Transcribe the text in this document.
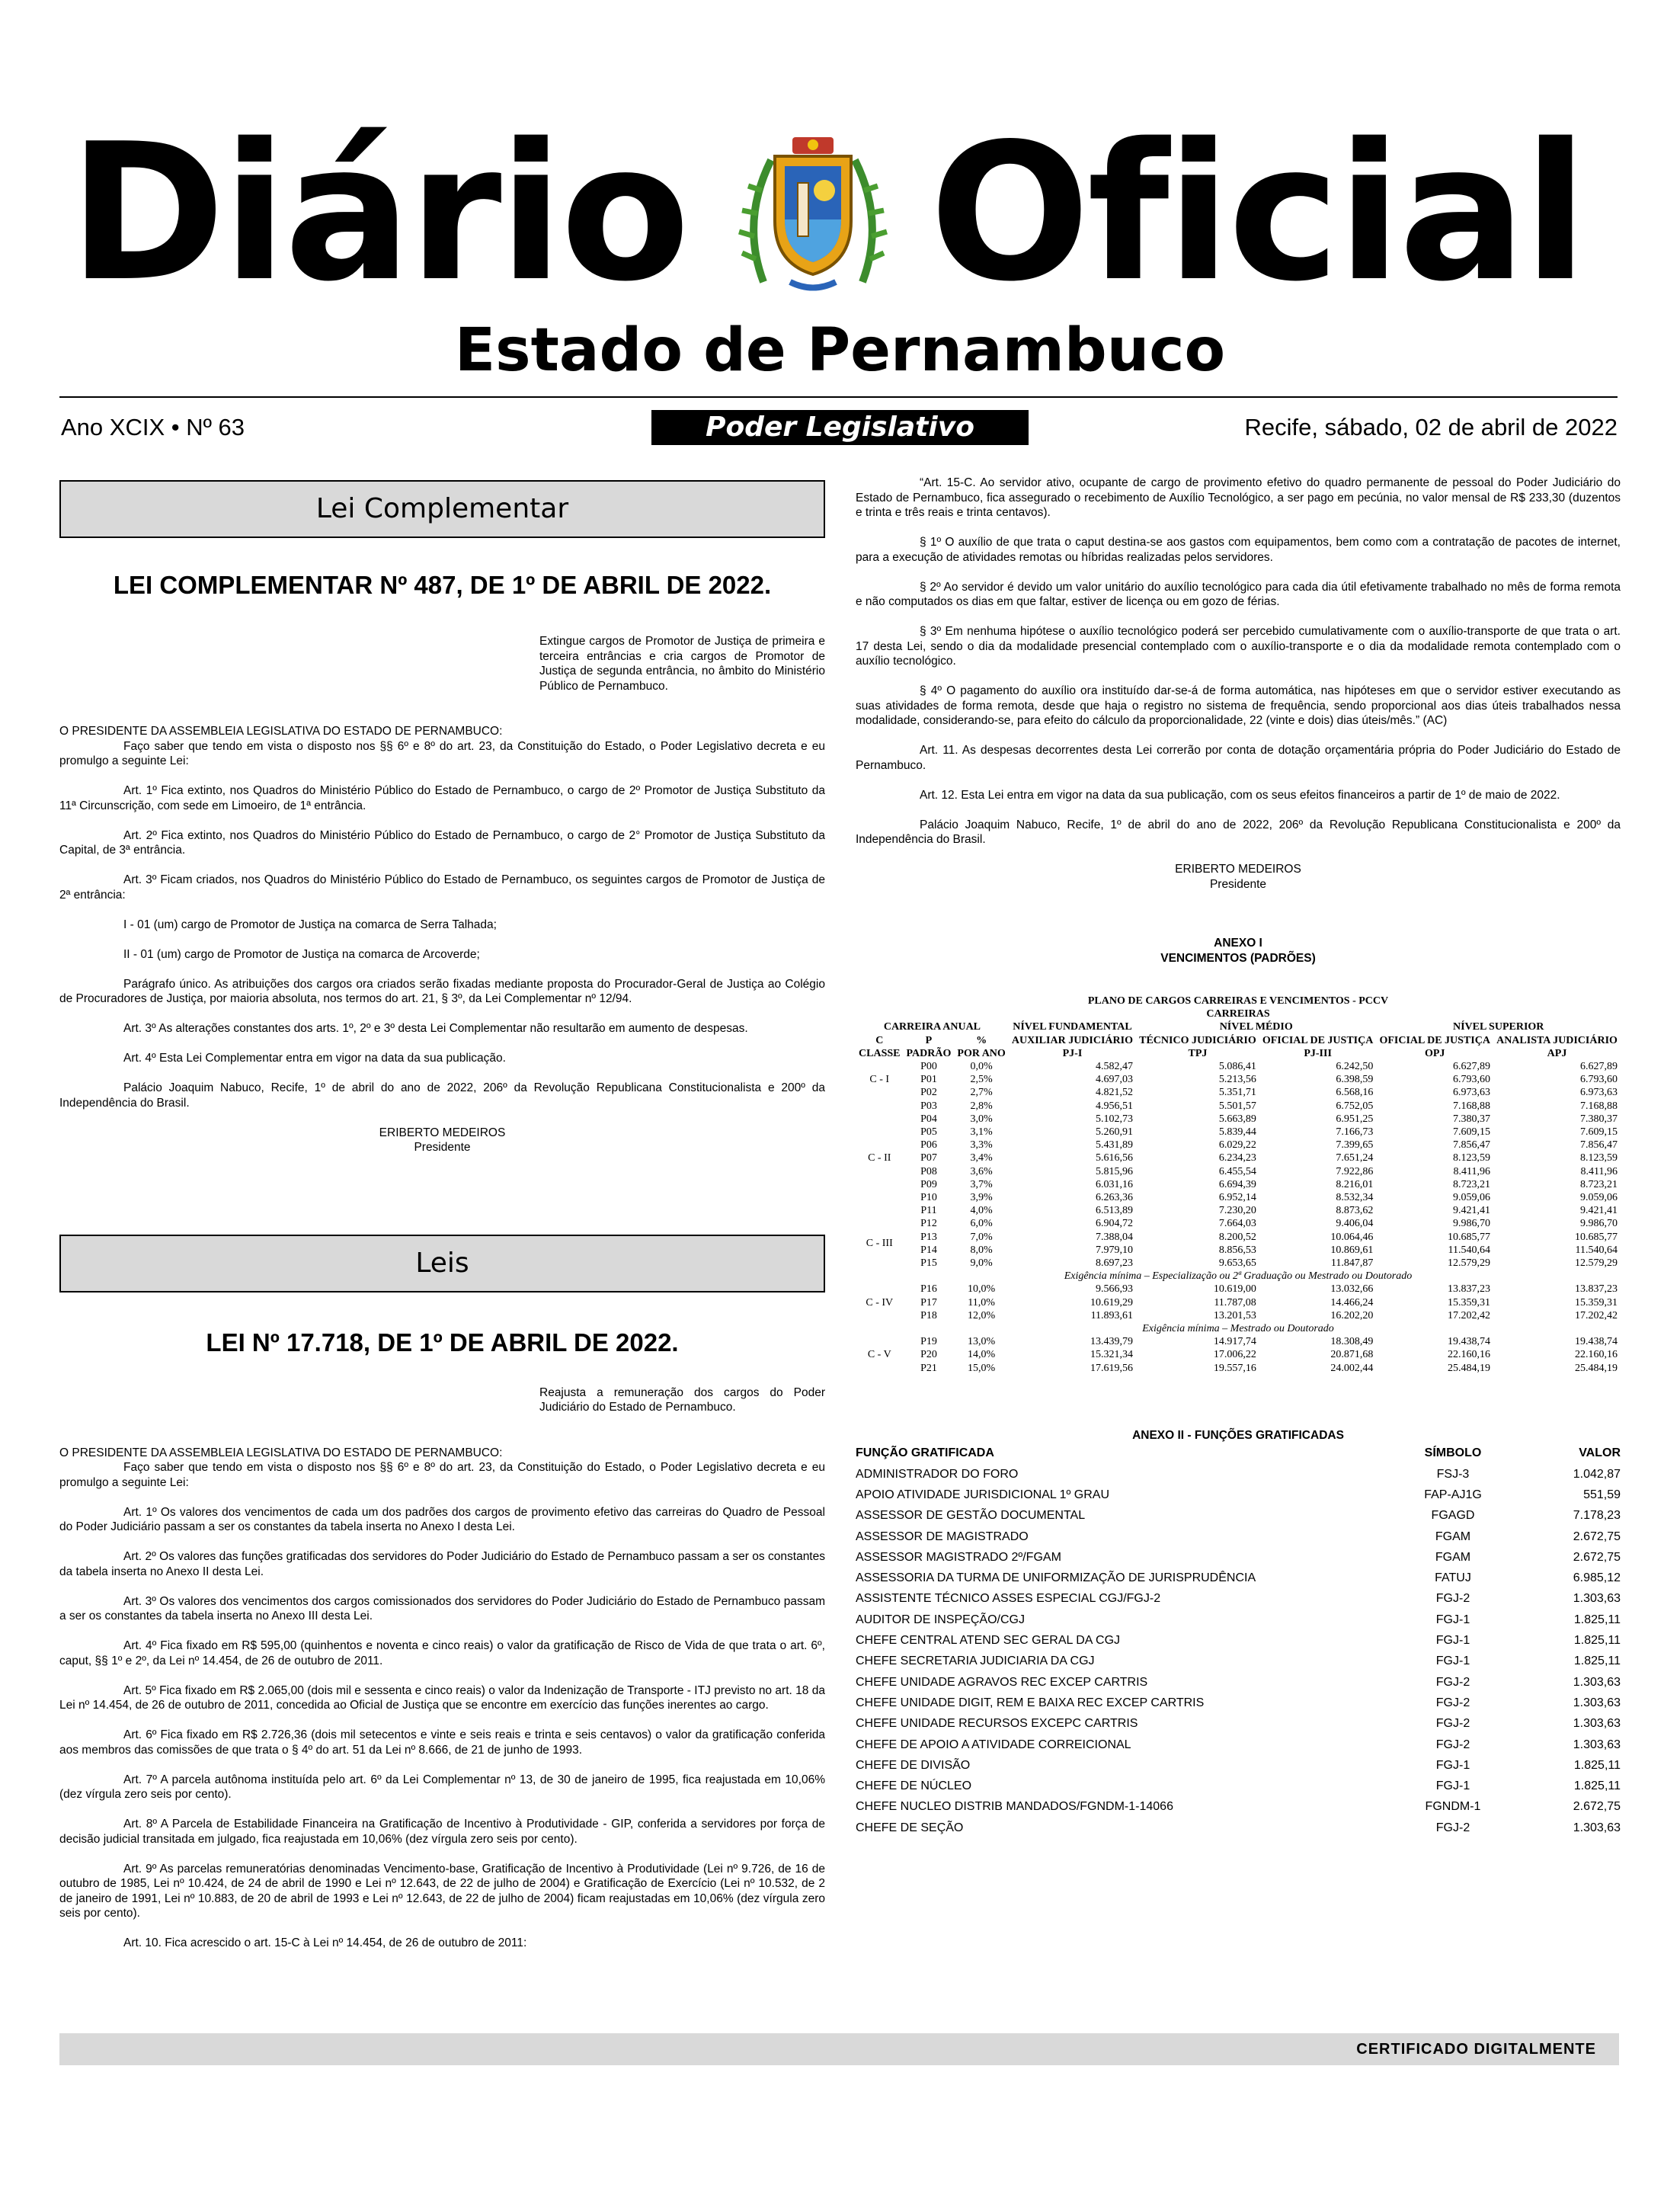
Diário Oficial
Estado de Pernambuco
Ano XCIX • Nº 63	Poder Legislativo	Recife, sábado, 02 de abril de 2022
Lei Complementar
LEI COMPLEMENTAR Nº 487, DE 1º DE ABRIL DE 2022.

Extingue cargos de Promotor de Justiça de primeira e terceira entrâncias e cria cargos de Promotor de Justiça de segunda entrância, no âmbito do Ministério Público de Pernambuco.

O PRESIDENTE DA ASSEMBLEIA LEGISLATIVA DO ESTADO DE PERNAMBUCO:

Faço saber que tendo em vista o disposto nos §§ 6º e 8º do art. 23, da Constituição do Estado, o Poder Legislativo decreta e eu promulgo a seguinte Lei:

Art. 1º Fica extinto, nos Quadros do Ministério Público do Estado de Pernambuco, o cargo de 2º Promotor de Justiça Substituto da 11ª Circunscrição, com sede em Limoeiro, de 1ª entrância.

Art. 2º Fica extinto, nos Quadros do Ministério Público do Estado de Pernambuco, o cargo de 2° Promotor de Justiça Substituto da Capital, de 3ª entrância.

Art. 3º Ficam criados, nos Quadros do Ministério Público do Estado de Pernambuco, os seguintes cargos de Promotor de Justiça de 2ª entrância:

I - 01 (um) cargo de Promotor de Justiça na comarca de Serra Talhada;

II - 01 (um) cargo de Promotor de Justiça na comarca de Arcoverde;

Parágrafo único. As atribuições dos cargos ora criados serão fixadas mediante proposta do Procurador-Geral de Justiça ao Colégio de Procuradores de Justiça, por maioria absoluta, nos termos do art. 21, § 3º, da Lei Complementar nº 12/94.

Art. 3º As alterações constantes dos arts. 1º, 2º e 3º desta Lei Complementar não resultarão em aumento de despesas.

Art. 4º Esta Lei Complementar entra em vigor na data da sua publicação.

Palácio Joaquim Nabuco, Recife, 1º de abril do ano de 2022, 206º da Revolução Republicana Constitucionalista e 200º da Independência do Brasil.

ERIBERTO MEDEIROS

Presidente

Leis
LEI Nº 17.718, DE 1º DE ABRIL DE 2022.

Reajusta a remuneração dos cargos do Poder Judiciário do Estado de Pernambuco.

O PRESIDENTE DA ASSEMBLEIA LEGISLATIVA DO ESTADO DE PERNAMBUCO:

Faço saber que tendo em vista o disposto nos §§ 6º e 8º do art. 23, da Constituição do Estado, o Poder Legislativo decreta e eu promulgo a seguinte Lei:

Art. 1º Os valores dos vencimentos de cada um dos padrões dos cargos de provimento efetivo das carreiras do Quadro de Pessoal do Poder Judiciário passam a ser os constantes da tabela inserta no Anexo I desta Lei.

Art. 2º Os valores das funções gratificadas dos servidores do Poder Judiciário do Estado de Pernambuco passam a ser os constantes da tabela inserta no Anexo II desta Lei.

Art. 3º Os valores dos vencimentos dos cargos comissionados dos servidores do Poder Judiciário do Estado de Pernambuco passam a ser os constantes da tabela inserta no Anexo III desta Lei.

Art. 4º Fica fixado em R$ 595,00 (quinhentos e noventa e cinco reais) o valor da gratificação de Risco de Vida de que trata o art. 6º, caput, §§ 1º e 2º, da Lei nº 14.454, de 26 de outubro de 2011.

Art. 5º Fica fixado em R$ 2.065,00 (dois mil e sessenta e cinco reais) o valor da Indenização de Transporte - ITJ previsto no art. 18 da Lei nº 14.454, de 26 de outubro de 2011, concedida ao Oficial de Justiça que se encontre em exercício das funções inerentes ao cargo.

Art. 6º Fica fixado em R$ 2.726,36 (dois mil setecentos e vinte e seis reais e trinta e seis centavos) o valor da gratificação conferida aos membros das comissões de que trata o § 4º do art. 51 da Lei nº 8.666, de 21 de junho de 1993.

Art. 7º A parcela autônoma instituída pelo art. 6º da Lei Complementar nº 13, de 30 de janeiro de 1995, fica reajustada em 10,06% (dez vírgula zero seis por cento).

Art. 8º A Parcela de Estabilidade Financeira na Gratificação de Incentivo à Produtividade - GIP, conferida a servidores por força de decisão judicial transitada em julgado, fica reajustada em 10,06% (dez vírgula zero seis por cento).

Art. 9º As parcelas remuneratórias denominadas Vencimento-base, Gratificação de Incentivo à Produtividade (Lei nº 9.726, de 16 de outubro de 1985, Lei nº 10.424, de 24 de abril de 1990 e Lei nº 12.643, de 22 de julho de 2004) e Gratificação de Exercício (Lei nº 10.532, de 2 de janeiro de 1991, Lei nº 10.883, de 20 de abril de 1993 e Lei nº 12.643, de 22 de julho de 2004) ficam reajustadas em 10,06% (dez vírgula zero seis por cento).

Art. 10. Fica acrescido o art. 15-C à Lei nº 14.454, de 26 de outubro de 2011:

“Art. 15-C. Ao servidor ativo, ocupante de cargo de provimento efetivo do quadro permanente de pessoal do Poder Judiciário do Estado de Pernambuco, fica assegurado o recebimento de Auxílio Tecnológico, a ser pago em pecúnia, no valor mensal de R$ 233,30 (duzentos e trinta e três reais e trinta centavos).

§ 1º O auxílio de que trata o caput destina-se aos gastos com equipamentos, bem como com a contratação de pacotes de internet, para a execução de atividades remotas ou híbridas realizadas pelos servidores.

§ 2º Ao servidor é devido um valor unitário do auxílio tecnológico para cada dia útil efetivamente trabalhado no mês de forma remota e não computados os dias em que faltar, estiver de licença ou em gozo de férias.

§ 3º Em nenhuma hipótese o auxílio tecnológico poderá ser percebido cumulativamente com o auxílio-transporte de que trata o art. 17 desta Lei, sendo o dia da modalidade presencial contemplado com o auxílio-transporte e o dia da modalidade remota contemplado com o auxílio tecnológico.

§ 4º O pagamento do auxílio ora instituído dar-se-á de forma automática, nas hipóteses em que o servidor estiver executando as suas atividades de forma remota, desde que haja o registro no sistema de frequência, sendo proporcional aos dias úteis trabalhados nessa modalidade, considerando-se, para efeito do cálculo da proporcionalidade, 22 (vinte e dois) dias úteis/mês.” (AC)

Art. 11. As despesas decorrentes desta Lei correrão por conta de dotação orçamentária própria do Poder Judiciário do Estado de Pernambuco.

Art. 12. Esta Lei entra em vigor na data da sua publicação, com os seus efeitos financeiros a partir de 1º de maio de 2022.

Palácio Joaquim Nabuco, Recife, 1º de abril do ano de 2022, 206º da Revolução Republicana Constitucionalista e 200º da Independência do Brasil.

ERIBERTO MEDEIROS

Presidente

ANEXO I

VENCIMENTOS (PADRÕES)

PLANO DE CARGOS CARREIRAS E VENCIMENTOS - PCCV							
CARREIRAS							
CARREIRA ANUAL			NÍVEL FUNDAMENTAL	NÍVEL MÉDIO		NÍVEL SUPERIOR	
C	P	%	AUXILIAR JUDICIÁRIO	TÉCNICO JUDICIÁRIO	OFICIAL DE JUSTIÇA	OFICIAL DE JUSTIÇA	ANALISTA JUDICIÁRIO
CLASSE	PADRÃO	POR ANO	PJ-I	TPJ	PJ-III	OPJ	APJ
C - I	P00	0,0%	4.582,47	5.086,41	6.242,50	6.627,89	6.627,89
	P01	2,5%	4.697,03	5.213,56	6.398,59	6.793,60	6.793,60
	P02	2,7%	4.821,52	5.351,71	6.568,16	6.973,63	6.973,63
C - II	P03	2,8%	4.956,51	5.501,57	6.752,05	7.168,88	7.168,88
	P04	3,0%	5.102,73	5.663,89	6.951,25	7.380,37	7.380,37
	P05	3,1%	5.260,91	5.839,44	7.166,73	7.609,15	7.609,15
	P06	3,3%	5.431,89	6.029,22	7.399,65	7.856,47	7.856,47
	P07	3,4%	5.616,56	6.234,23	7.651,24	8.123,59	8.123,59
	P08	3,6%	5.815,96	6.455,54	7.922,86	8.411,96	8.411,96
	P09	3,7%	6.031,16	6.694,39	8.216,01	8.723,21	8.723,21
	P10	3,9%	6.263,36	6.952,14	8.532,34	9.059,06	9.059,06
	P11	4,0%	6.513,89	7.230,20	8.873,62	9.421,41	9.421,41
C - III	P12	6,0%	6.904,72	7.664,03	9.406,04	9.986,70	9.986,70
	P13	7,0%	7.388,04	8.200,52	10.064,46	10.685,77	10.685,77
	P14	8,0%	7.979,10	8.856,53	10.869,61	11.540,64	11.540,64
	P15	9,0%	8.697,23	9.653,65	11.847,87	12.579,29	12.579,29
Exigência mínima – Especialização ou 2ª Graduação ou Mestrado ou Doutorado							
C - IV	P16	10,0%	9.566,93	10.619,00	13.032,66	13.837,23	13.837,23
	P17	11,0%	10.619,29	11.787,08	14.466,24	15.359,31	15.359,31
	P18	12,0%	11.893,61	13.201,53	16.202,20	17.202,42	17.202,42
Exigência mínima – Mestrado ou Doutorado							
C - V	P19	13,0%	13.439,79	14.917,74	18.308,49	19.438,74	19.438,74
	P20	14,0%	15.321,34	17.006,22	20.871,68	22.160,16	22.160,16
	P21	15,0%	17.619,56	19.557,16	24.002,44	25.484,19	25.484,19

ANEXO II - FUNÇÕES GRATIFICADAS

FUNÇÃO GRATIFICADA	SÍMBOLO	VALOR
ADMINISTRADOR DO FORO	FSJ-3	1.042,87
APOIO ATIVIDADE JURISDICIONAL 1º GRAU	FAP-AJ1G	551,59
ASSESSOR DE GESTÃO DOCUMENTAL	FGAGD	7.178,23
ASSESSOR DE MAGISTRADO	FGAM	2.672,75
ASSESSOR MAGISTRADO 2º/FGAM	FGAM	2.672,75
ASSESSORIA DA TURMA DE UNIFORMIZAÇÃO DE JURISPRUDÊNCIA	FATUJ	6.985,12
ASSISTENTE TÉCNICO ASSES ESPECIAL CGJ/FGJ-2	FGJ-2	1.303,63
AUDITOR DE INSPEÇÃO/CGJ	FGJ-1	1.825,11
CHEFE CENTRAL ATEND SEC GERAL DA CGJ	FGJ-1	1.825,11
CHEFE SECRETARIA JUDICIARIA DA CGJ	FGJ-1	1.825,11
CHEFE UNIDADE AGRAVOS REC EXCEP CARTRIS	FGJ-2	1.303,63
CHEFE UNIDADE DIGIT, REM E BAIXA REC EXCEP CARTRIS	FGJ-2	1.303,63
CHEFE UNIDADE RECURSOS EXCEPC CARTRIS	FGJ-2	1.303,63
CHEFE DE APOIO A ATIVIDADE CORREICIONAL	FGJ-2	1.303,63
CHEFE DE DIVISÃO	FGJ-1	1.825,11
CHEFE DE NÚCLEO	FGJ-1	1.825,11
CHEFE NUCLEO DISTRIB MANDADOS/FGNDM-1-14066	FGNDM-1	2.672,75
CHEFE DE SEÇÃO	FGJ-2	1.303,63
CERTIFICADO DIGITALMENTE
